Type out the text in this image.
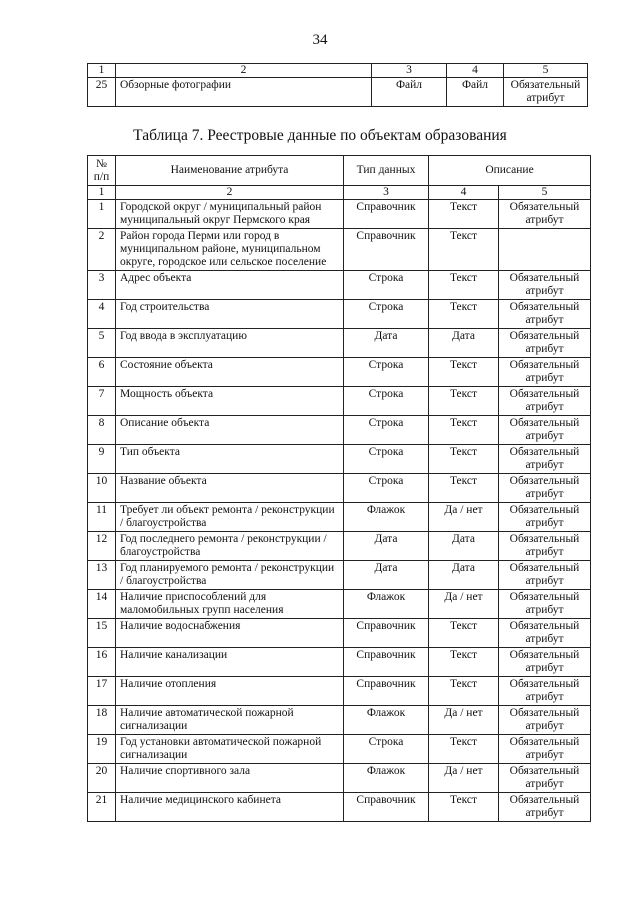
34
1	2	3	4	5
25	Обзорные фотографии	Файл	Файл	Обязательный атрибут
Таблица 7. Реестровые данные по объектам образования
№ п/п	Наименование атрибута	Тип данных	Описание	
1	2	3	4	5
1	Городской округ / муниципальный район муниципальный округ Пермского края	Справочник	Текст	Обязательный атрибут
2	Район города Перми или город в муниципальном районе, муниципальном округе, городское или сельское поселение	Справочник	Текст	
3	Адрес объекта	Строка	Текст	Обязательный атрибут
4	Год строительства	Строка	Текст	Обязательный атрибут
5	Год ввода в эксплуатацию	Дата	Дата	Обязательный атрибут
6	Состояние объекта	Строка	Текст	Обязательный атрибут
7	Мощность объекта	Строка	Текст	Обязательный атрибут
8	Описание объекта	Строка	Текст	Обязательный атрибут
9	Тип объекта	Строка	Текст	Обязательный атрибут
10	Название объекта	Строка	Текст	Обязательный атрибут
11	Требует ли объект ремонта / реконструкции / благоустройства	Флажок	Да / нет	Обязательный атрибут
12	Год последнего ремонта / реконструкции / благоустройства	Дата	Дата	Обязательный атрибут
13	Год планируемого ремонта / реконструкции / благоустройства	Дата	Дата	Обязательный атрибут
14	Наличие приспособлений для маломобильных групп населения	Флажок	Да / нет	Обязательный атрибут
15	Наличие водоснабжения	Справочник	Текст	Обязательный атрибут
16	Наличие канализации	Справочник	Текст	Обязательный атрибут
17	Наличие отопления	Справочник	Текст	Обязательный атрибут
18	Наличие автоматической пожарной сигнализации	Флажок	Да / нет	Обязательный атрибут
19	Год установки автоматической пожарной сигнализации	Строка	Текст	Обязательный атрибут
20	Наличие спортивного зала	Флажок	Да / нет	Обязательный атрибут
21	Наличие медицинского кабинета	Справочник	Текст	Обязательный атрибут
